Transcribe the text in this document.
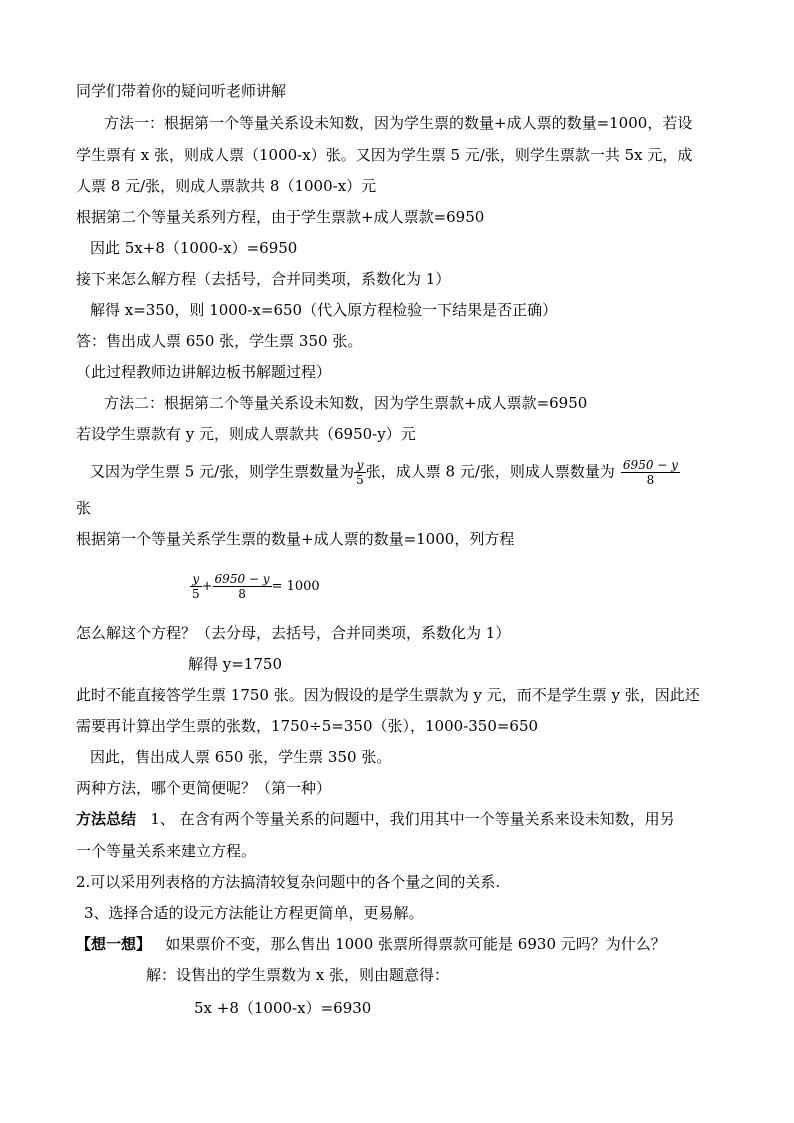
同学们带着你的疑问听老师讲解
方法一：根据第一个等量关系设未知数，因为学生票的数量+成人票的数量=1000，若设
学生票有 x 张，则成人票（1000-x）张。又因为学生票 5 元/张，则学生票款一共 5x 元，成
人票 8 元/张，则成人票款共 8（1000-x）元
根据第二个等量关系列方程，由于学生票款+成人票款=6950
因此 5x+8（1000-x）=6950
接下来怎么解方程（去括号，合并同类项，系数化为 1）
解得 x=350，则 1000-x=650（代入原方程检验一下结果是否正确）
答：售出成人票 650 张，学生票 350 张。
（此过程教师边讲解边板书解题过程）
方法二：根据第二个等量关系设未知数，因为学生票款+成人票款=6950
若设学生票款有 y 元，则成人票款共（6950-y）元
又因为学生票 5 元/张，则学生票数量为 $\frac{y}{5}$ 张，成人票 8 元/张，则成人票数量为 $\frac{6950 - y}{8}$
张
根据第一个等量关系学生票的数量+成人票的数量=1000，列方程
$\frac{y}{5} + \frac{6950 - y}{8} = 1000$
怎么解这个方程？（去分母，去括号，合并同类项，系数化为 1）
解得 y=1750
此时不能直接答学生票 1750 张。因为假设的是学生票款为 y 元，而不是学生票 y 张，因此还
需要再计算出学生票的张数，1750÷5=350（张），1000-350=650
因此，售出成人票 650 张，学生票 350 张。
两种方法，哪个更简便呢？（第一种）
方法总结 1、 在含有两个等量关系的问题中，我们用其中一个等量关系来设未知数，用另
一个等量关系来建立方程。
2.可以采用列表格的方法搞清较复杂问题中的各个量之间的关系.
3、选择合适的设元方法能让方程更简单，更易解。
【想一想】 如果票价不变，那么售出 1000 张票所得票款可能是 6930 元吗？为什么？
解：设售出的学生票数为 x 张，则由题意得：
5x +8（1000-x）=6930
